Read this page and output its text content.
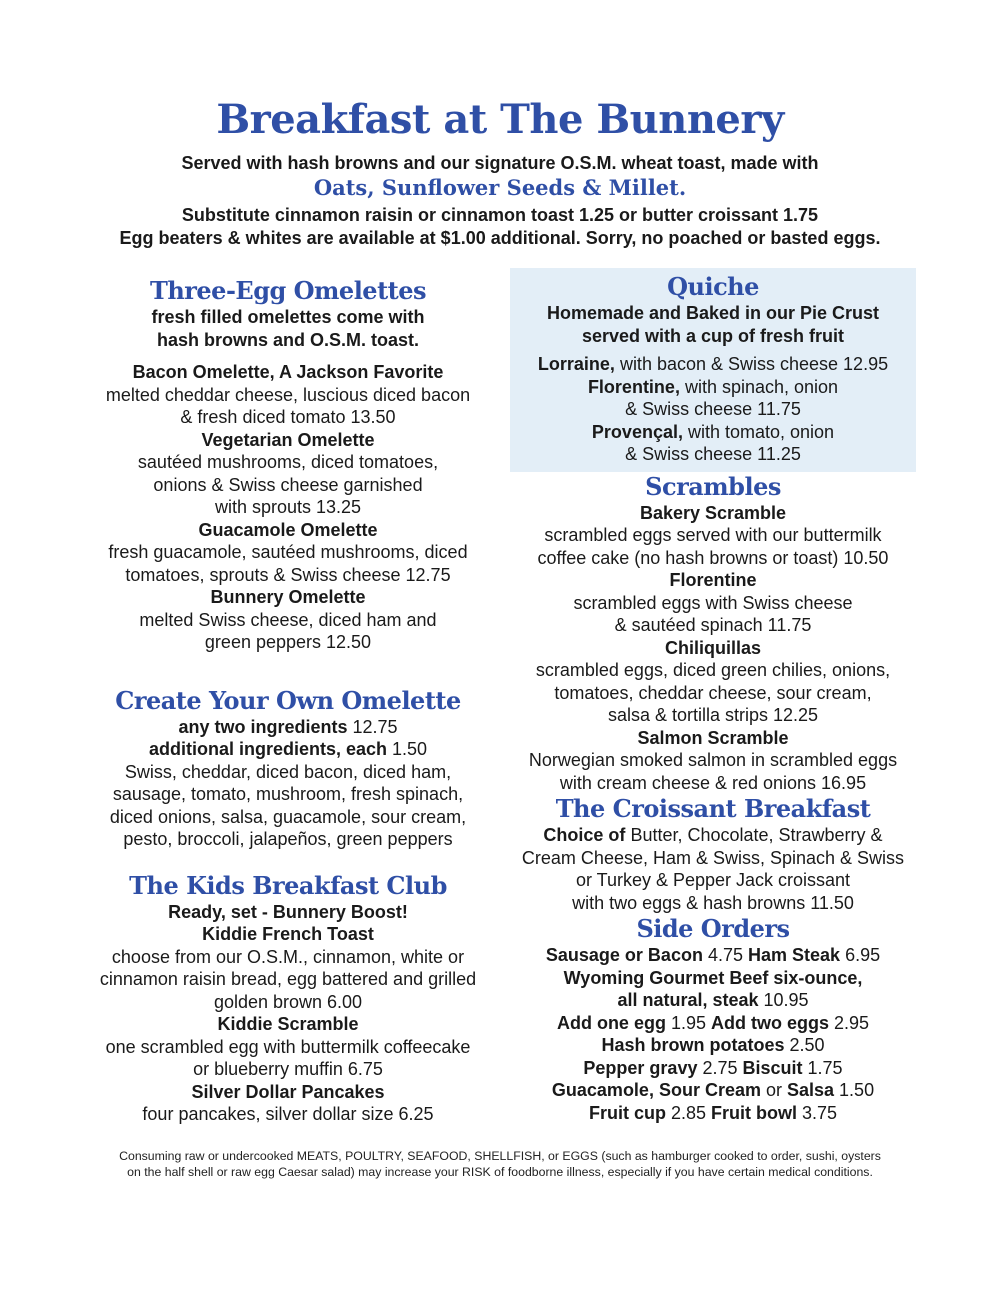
Breakfast at The Bunnery
Served with hash browns and our signature O.S.M. wheat toast, made with
Oats, Sunflower Seeds & Millet.
Substitute cinnamon raisin or cinnamon toast 1.25 or butter croissant 1.75
Egg beaters & whites are available at $1.00 additional. Sorry, no poached or basted eggs.
Three-Egg Omelettes
fresh filled omelettes come with
hash browns and O.S.M. toast.
Bacon Omelette, A Jackson Favorite
melted cheddar cheese, luscious diced bacon
& fresh diced tomato 13.50
Vegetarian Omelette
sautéed mushrooms, diced tomatoes,
onions & Swiss cheese garnished
with sprouts 13.25
Guacamole Omelette
fresh guacamole, sautéed mushrooms, diced
tomatoes, sprouts & Swiss cheese 12.75
Bunnery Omelette
melted Swiss cheese, diced ham and
green peppers 12.50
Create Your Own Omelette
any two ingredients 12.75
additional ingredients, each 1.50
Swiss, cheddar, diced bacon, diced ham,
sausage, tomato, mushroom, fresh spinach,
diced onions, salsa, guacamole, sour cream,
pesto, broccoli, jalapeños, green peppers
The Kids Breakfast Club
Ready, set - Bunnery Boost!
Kiddie French Toast
choose from our O.S.M., cinnamon, white or
cinnamon raisin bread, egg battered and grilled
golden brown 6.00
Kiddie Scramble
one scrambled egg with buttermilk coffeecake
or blueberry muffin 6.75
Silver Dollar Pancakes
four pancakes, silver dollar size 6.25
Quiche
Homemade and Baked in our Pie Crust
served with a cup of fresh fruit
Lorraine, with bacon & Swiss cheese 12.95
Florentine, with spinach, onion
& Swiss cheese 11.75
Provençal, with tomato, onion
& Swiss cheese 11.25
Scrambles
Bakery Scramble
scrambled eggs served with our buttermilk
coffee cake (no hash browns or toast) 10.50
Florentine
scrambled eggs with Swiss cheese
& sautéed spinach 11.75
Chiliquillas
scrambled eggs, diced green chilies, onions,
tomatoes, cheddar cheese, sour cream,
salsa & tortilla strips 12.25
Salmon Scramble
Norwegian smoked salmon in scrambled eggs
with cream cheese & red onions 16.95
The Croissant Breakfast
Choice of Butter, Chocolate, Strawberry &
Cream Cheese, Ham & Swiss, Spinach & Swiss
or Turkey & Pepper Jack croissant
with two eggs & hash browns 11.50
Side Orders
Sausage or Bacon 4.75 Ham Steak 6.95
Wyoming Gourmet Beef six-ounce,
all natural, steak 10.95
Add one egg 1.95 Add two eggs 2.95
Hash brown potatoes 2.50
Pepper gravy 2.75 Biscuit 1.75
Guacamole, Sour Cream or Salsa 1.50
Fruit cup 2.85 Fruit bowl 3.75
Consuming raw or undercooked MEATS, POULTRY, SEAFOOD, SHELLFISH, or EGGS (such as hamburger cooked to order, sushi, oysters
on the half shell or raw egg Caesar salad) may increase your RISK of foodborne illness, especially if you have certain medical conditions.
